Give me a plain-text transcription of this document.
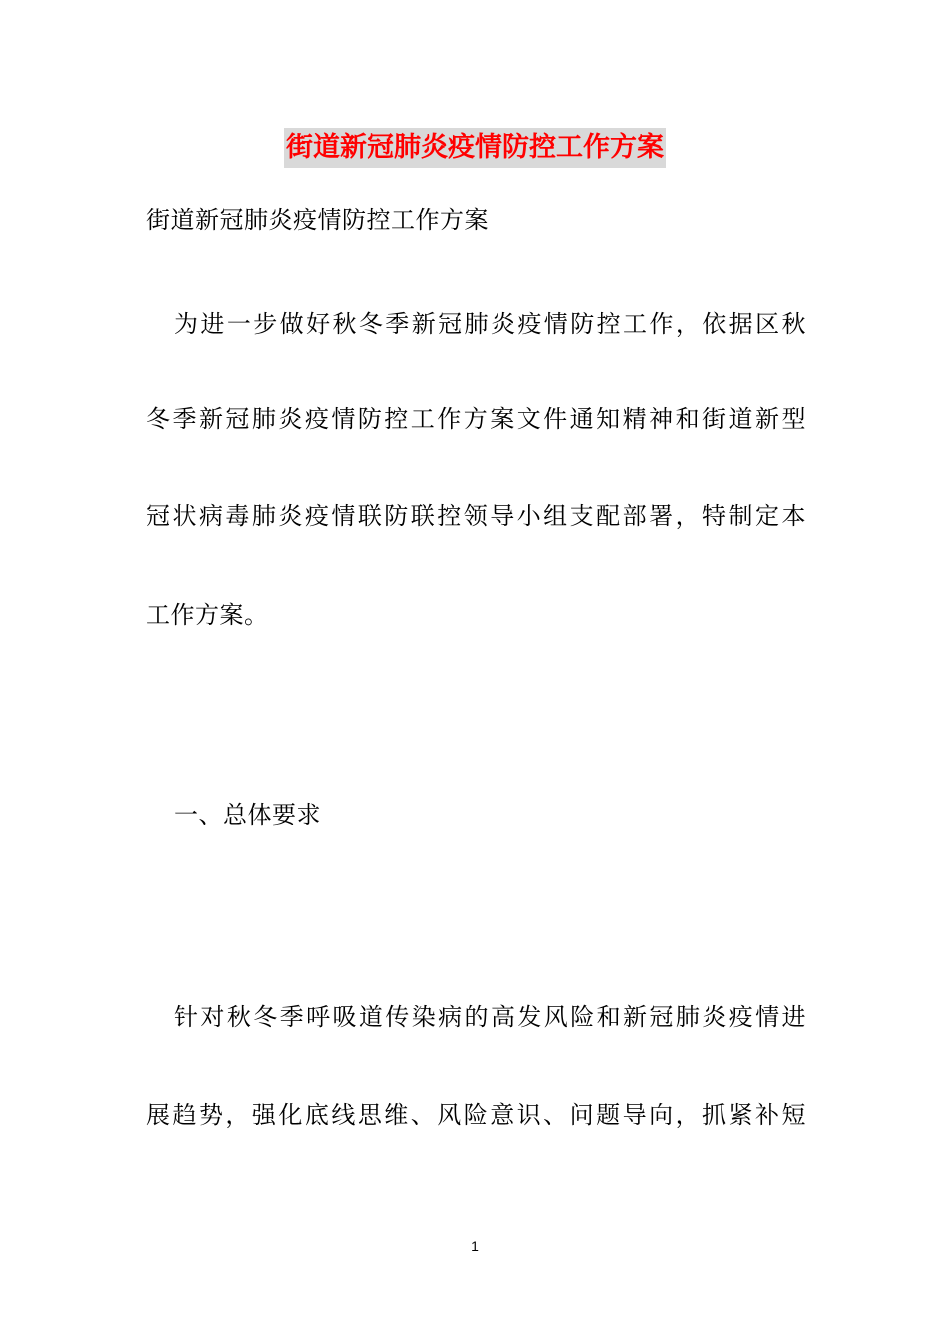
街道新冠肺炎疫情防控工作方案
街道新冠肺炎疫情防控工作方案
为进一步做好秋冬季新冠肺炎疫情防控工作，依据区秋
冬季新冠肺炎疫情防控工作方案文件通知精神和街道新型
冠状病毒肺炎疫情联防联控领导小组支配部署，特制定本
工作方案。
一、总体要求
针对秋冬季呼吸道传染病的高发风险和新冠肺炎疫情进
展趋势，强化底线思维、风险意识、问题导向，抓紧补短
1
